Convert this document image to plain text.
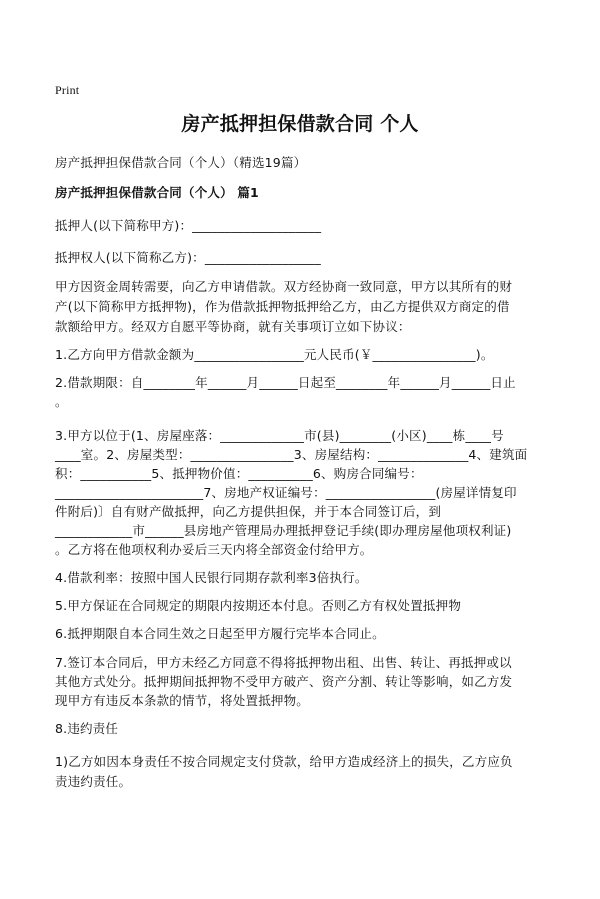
Print
房产抵押担保借款合同 个人
房产抵押担保借款合同（个人）（精选19篇）
房产抵押担保借款合同（个人） 篇1
抵押人(以下简称甲方)：____________________
抵押权人(以下简称乙方)：__________________
甲方因资金周转需要，向乙方申请借款。双方经协商一致同意，甲方以其所有的财
产(以下简称甲方抵押物)，作为借款抵押物抵押给乙方，由乙方提供双方商定的借
款额给甲方。经双方自愿平等协商，就有关事项订立如下协议：
1.乙方向甲方借款金额为_________________元人民币(￥________________)。
2.借款期限：自________年______月______日起至________年______月______日止
。
3.甲方以位于(1、房屋座落：_____________市(县)________(小区)____栋____号
____室。2、房屋类型：________________3、房屋结构：______________4、建筑面
积：___________5、抵押物价值：__________6、购房合同编号：
_______________________7、房地产权证编号：_________________(房屋详情复印
件附后)〕自有财产做抵押，向乙方提供担保，并于本合同签订后，到
____________市______县房地产管理局办理抵押登记手续(即办理房屋他项权利证)
。乙方将在他项权利办妥后三天内将全部资金付给甲方。
4.借款利率：按照中国人民银行同期存款利率3倍执行。
5.甲方保证在合同规定的期限内按期还本付息。否则乙方有权处置抵押物
6.抵押期限自本合同生效之日起至甲方履行完毕本合同止。
7.签订本合同后，甲方未经乙方同意不得将抵押物出租、出售、转让、再抵押或以
其他方式处分。抵押期间抵押物不受甲方破产、资产分割、转让等影响，如乙方发
现甲方有违反本条款的情节，将处置抵押物。
8.违约责任
1)乙方如因本身责任不按合同规定支付贷款，给甲方造成经济上的损失，乙方应负
责违约责任。
